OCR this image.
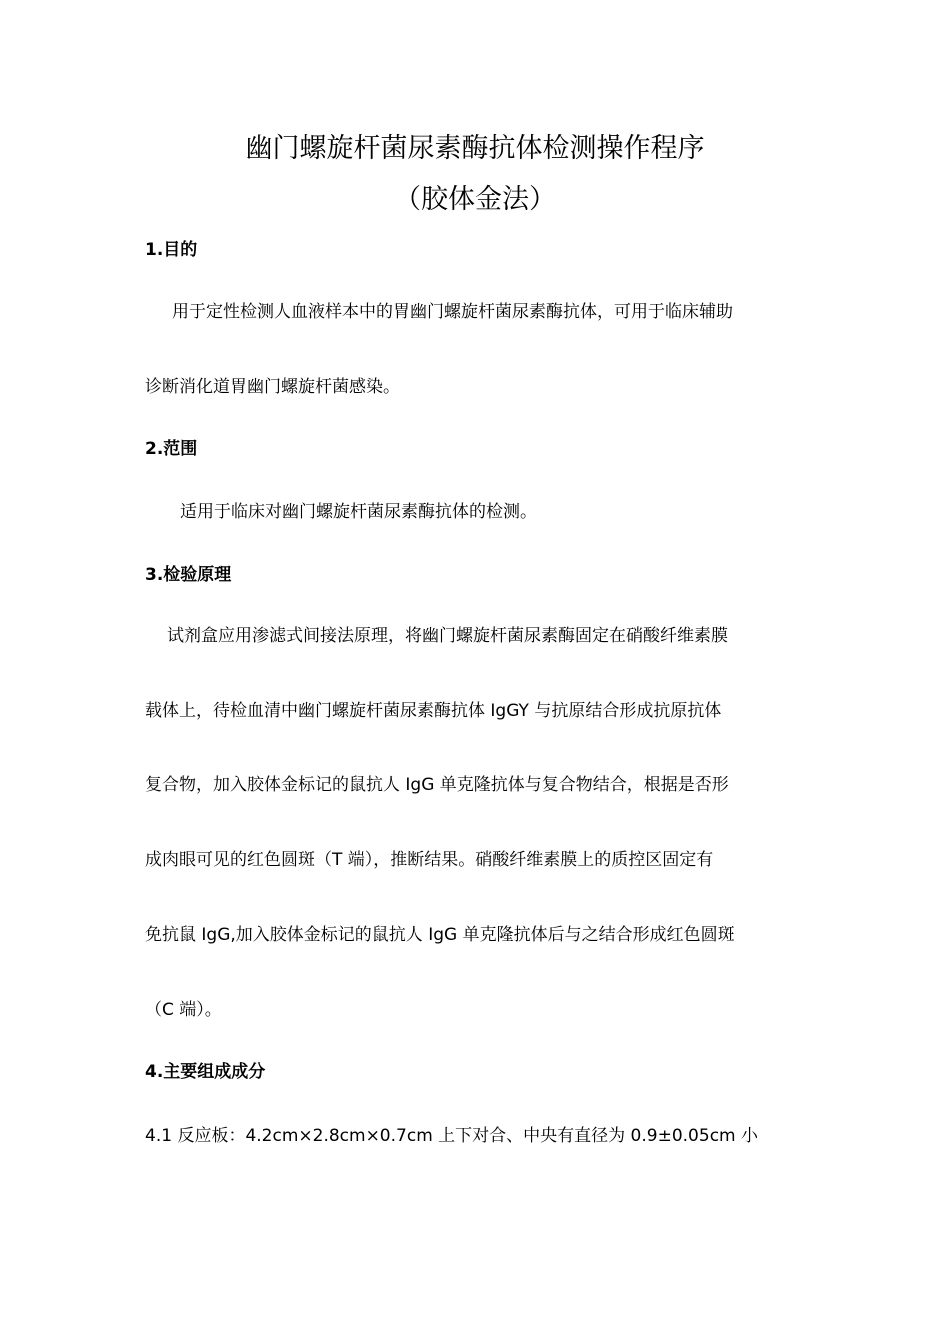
幽门螺旋杆菌尿素酶抗体检测操作程序
（胶体金法）
1.目的
用于定性检测人血液样本中的胃幽门螺旋杆菌尿素酶抗体，可用于临床辅助
诊断消化道胃幽门螺旋杆菌感染。
2.范围
适用于临床对幽门螺旋杆菌尿素酶抗体的检测。
3.检验原理
试剂盒应用渗滤式间接法原理，将幽门螺旋杆菌尿素酶固定在硝酸纤维素膜
载体上，待检血清中幽门螺旋杆菌尿素酶抗体 IgGY 与抗原结合形成抗原抗体
复合物，加入胶体金标记的鼠抗人 IgG 单克隆抗体与复合物结合，根据是否形
成肉眼可见的红色圆斑（T 端），推断结果。硝酸纤维素膜上的质控区固定有
免抗鼠 IgG,加入胶体金标记的鼠抗人 IgG 单克隆抗体后与之结合形成红色圆斑
（C 端）。
4.主要组成成分
4.1 反应板：4.2cm×2.8cm×0.7cm 上下对合、中央有直径为 0.9±0.05cm 小
